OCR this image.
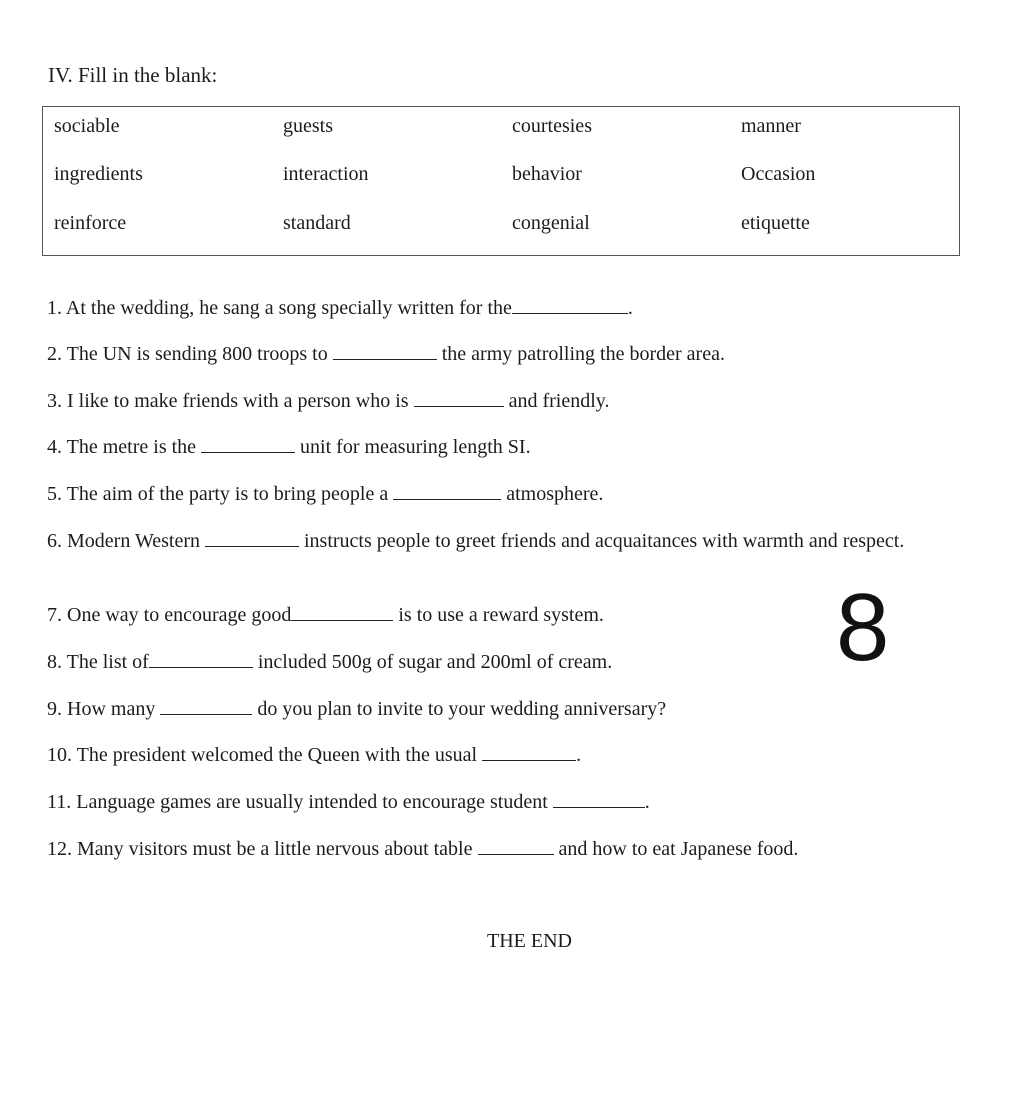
IV. Fill in the blank:
sociable	guests	courtesies	manner
ingredients	interaction	behavior	Occasion
reinforce	standard	congenial	etiquette
1. At the wedding, he sang a song specially written for the	.
2. The UN is sending 800 troops to	the army patrolling the border area.
3. I like to make friends with a person who is	and friendly.
4. The metre is the	unit for measuring length SI.
5. The aim of the party is to bring people a	atmosphere.
6. Modern Western	instructs people to greet friends and acquaitances with warmth and respect.
7. One way to encourage good	is to use a reward system.
8. The list of	included 500g of sugar and 200ml of cream.
9. How many	do you plan to invite to your wedding anniversary?
10. The president welcomed the Queen with the usual	.
11. Language games are usually intended to encourage student	.
12. Many visitors must be a little nervous about table	and how to eat Japanese food.
8
THE END
